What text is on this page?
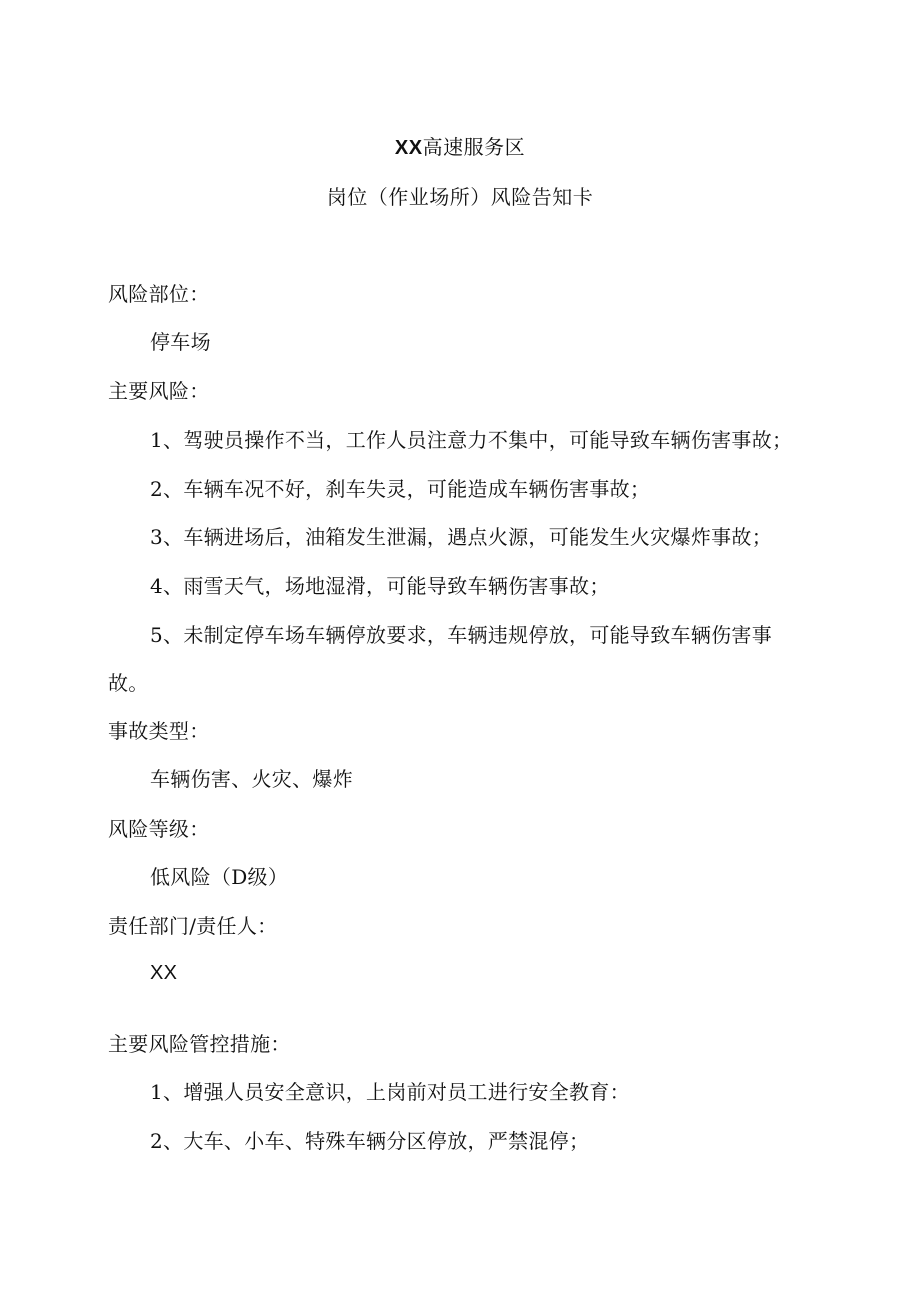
XX高速服务区
岗位（作业场所）风险告知卡
风险部位：
停车场
主要风险：
1、驾驶员操作不当，工作人员注意力不集中，可能导致车辆伤害事故；
2、车辆车况不好，刹车失灵，可能造成车辆伤害事故；
3、车辆进场后，油箱发生泄漏，遇点火源，可能发生火灾爆炸事故；
4、雨雪天气，场地湿滑，可能导致车辆伤害事故；
5、未制定停车场车辆停放要求，车辆违规停放，可能导致车辆伤害事
故。
事故类型：
车辆伤害、火灾、爆炸
风险等级：
低风险（D级）
责任部门/责任人：
XX
主要风险管控措施：
1、增强人员安全意识，上岗前对员工进行安全教育：
2、大车、小车、特殊车辆分区停放，严禁混停；
